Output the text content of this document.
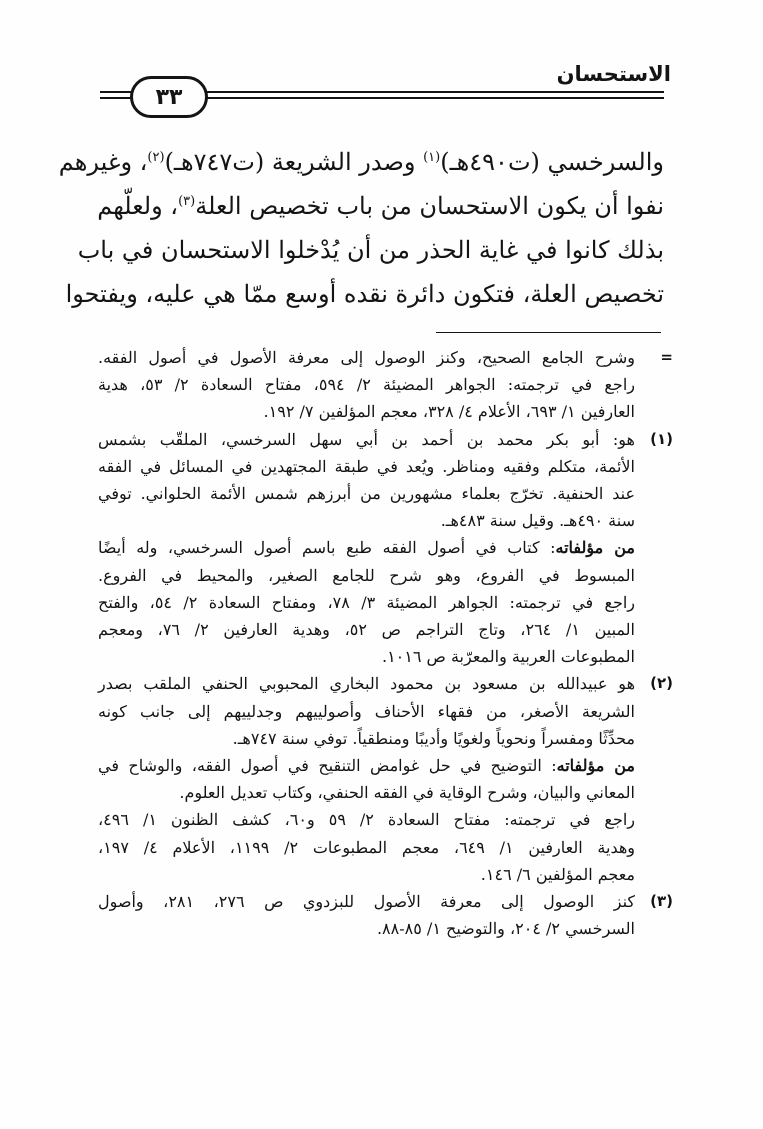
الاستحسان
٣٣
والسرخسي (ت٤٩٠هـ)$^{(١)}$ وصدر الشريعة (ت٧٤٧هـ)$^{(٢)}$، وغيرهم
نفوا أن يكون الاستحسان من باب تخصيص العلة$^{(٣)}$، ولعلّهم
بذلك كانوا في غاية الحذر من أن يُدْخلوا الاستحسان في باب
تخصيص العلة، فتكون دائرة نقده أوسع ممّا هي عليه، ويفتحوا
=
وشرح الجامع الصحيح، وكنز الوصول إلى معرفة الأصول في أصول الفقه.
راجع في ترجمته: الجواهر المضيئة ٢/ ٥٩٤، مفتاح السعادة ٢/ ٥٣، هدية
العارفين ١/ ٦٩٣، الأعلام ٤/ ٣٢٨، معجم المؤلفين ٧/ ١٩٢.
(١)
هو: أبو بكر محمد بن أحمد بن أبي سهل السرخسي، الملقّب بشمس
الأئمة، متكلم وفقيه ومناظر. ويُعد في طبقة المجتهدين في المسائل في الفقه
عند الحنفية. تخرّج بعلماء مشهورين من أبرزهم شمس الأئمة الحلواني. توفي
سنة ٤٩٠هـ. وقيل سنة ٤٨٣هـ.
من مؤلفاته: كتاب في أصول الفقه طبع باسم أصول السرخسي، وله أيضًا
المبسوط في الفروع، وهو شرح للجامع الصغير، والمحيط في الفروع.
راجع في ترجمته: الجواهر المضيئة ٣/ ٧٨، ومفتاح السعادة ٢/ ٥٤، والفتح
المبين ١/ ٢٦٤، وتاج التراجم ص ٥٢، وهدية العارفين ٢/ ٧٦، ومعجم
المطبوعات العربية والمعرّبة ص ١٠١٦.
(٢)
هو عبيدالله بن مسعود بن محمود البخاري المحبوبي الحنفي الملقب بصدر
الشريعة الأصغر، من فقهاء الأحناف وأصولييهم وجدلييهم إلى جانب كونه
محدِّثًا ومفسراً ونحوياً ولغويًا وأديبًا ومنطقياً. توفي سنة ٧٤٧هـ.
من مؤلفاته: التوضيح في حل غوامض التنقيح في أصول الفقه، والوشاح في
المعاني والبيان، وشرح الوقاية في الفقه الحنفي، وكتاب تعديل العلوم.
راجع في ترجمته: مفتاح السعادة ٢/ ٥٩ و٦٠، كشف الظنون ١/ ٤٩٦،
وهدية العارفين ١/ ٦٤٩، معجم المطبوعات ٢/ ١١٩٩، الأعلام ٤/ ١٩٧،
معجم المؤلفين ٦/ ١٤٦.
(٣)
كنز الوصول إلى معرفة الأصول للبزدوي ص ٢٧٦، ٢٨١، وأصول
السرخسي ٢/ ٢٠٤، والتوضيح ١/ ٨٥-٨٨.
